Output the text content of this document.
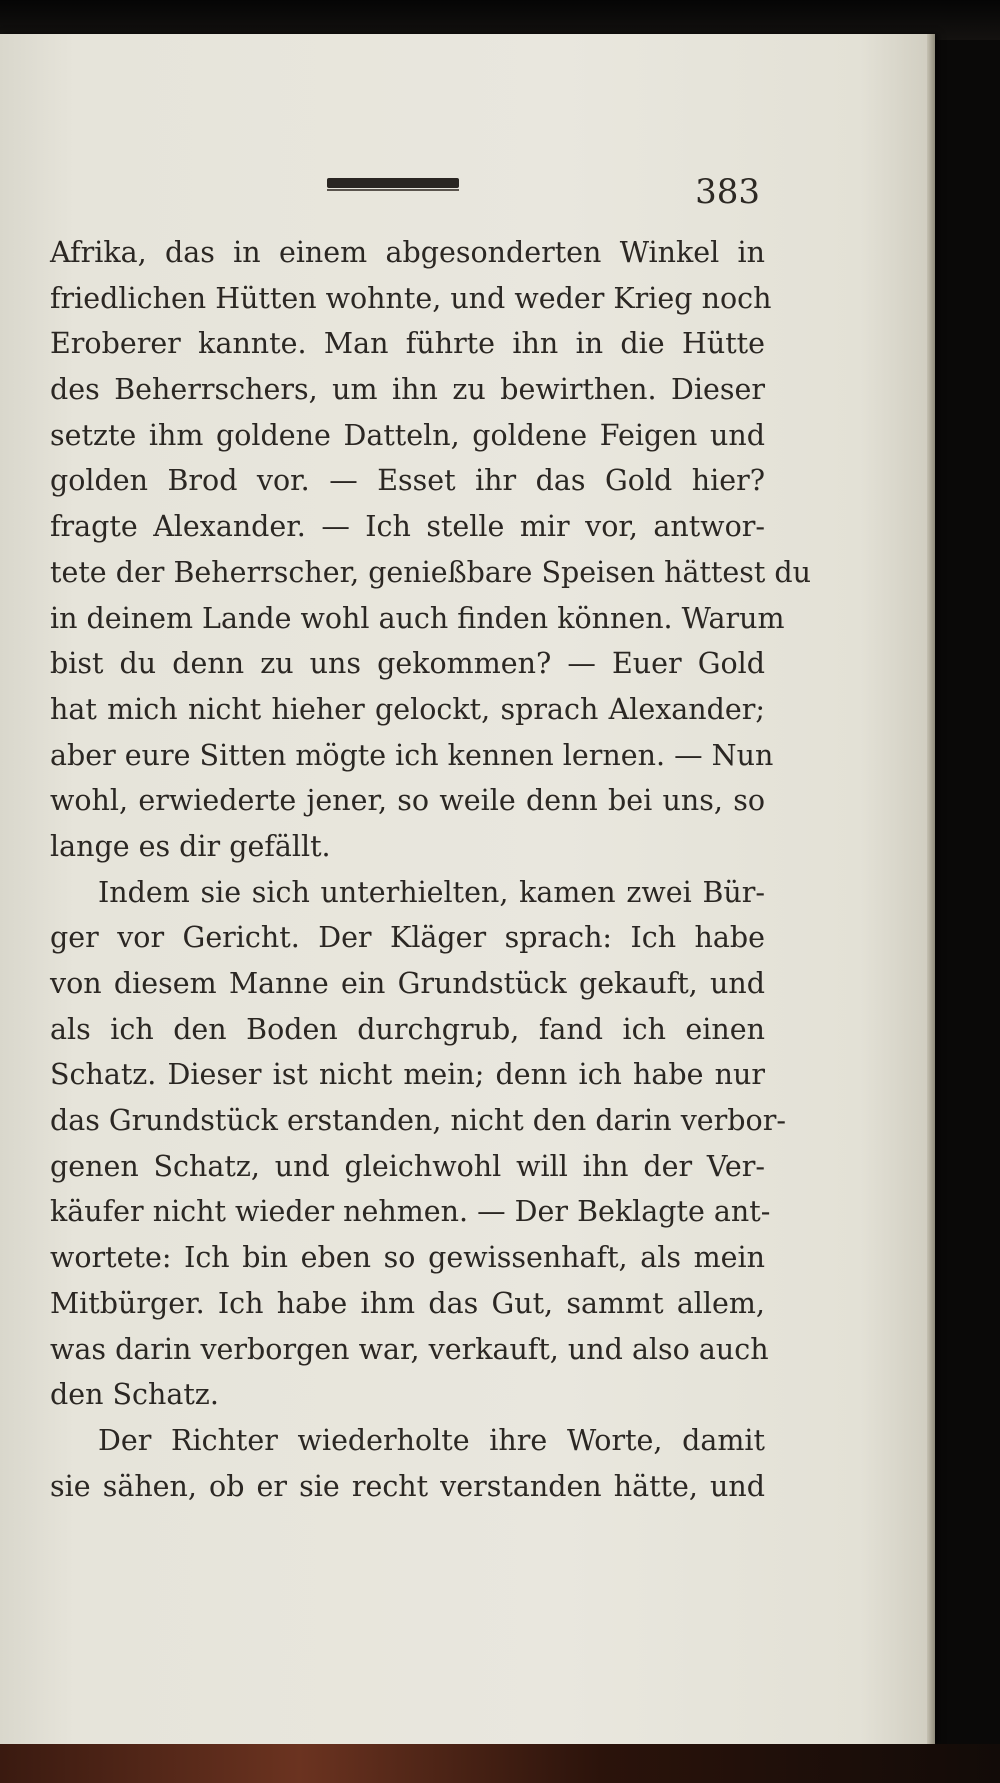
383
Afrika, das in einem abgesonderten Winkel in
friedlichen Hütten wohnte, und weder Krieg noch
Eroberer kannte. Man führte ihn in die Hütte
des Beherrschers, um ihn zu bewirthen. Dieser
setzte ihm goldene Datteln, goldene Feigen und
golden Brod vor. — Esset ihr das Gold hier?
fragte Alexander. — Ich stelle mir vor, antwor-
tete der Beherrscher, genießbare Speisen hättest du
in deinem Lande wohl auch finden können. Warum
bist du denn zu uns gekommen? — Euer Gold
hat mich nicht hieher gelockt, sprach Alexander;
aber eure Sitten mögte ich kennen lernen. — Nun
wohl, erwiederte jener, so weile denn bei uns, so
lange es dir gefällt.
Indem sie sich unterhielten, kamen zwei Bür-
ger vor Gericht. Der Kläger sprach: Ich habe
von diesem Manne ein Grundstück gekauft, und
als ich den Boden durchgrub, fand ich einen
Schatz. Dieser ist nicht mein; denn ich habe nur
das Grundstück erstanden, nicht den darin verbor-
genen Schatz, und gleichwohl will ihn der Ver-
käufer nicht wieder nehmen. — Der Beklagte ant-
wortete: Ich bin eben so gewissenhaft, als mein
Mitbürger. Ich habe ihm das Gut, sammt allem,
was darin verborgen war, verkauft, und also auch
den Schatz.
Der Richter wiederholte ihre Worte, damit
sie sähen, ob er sie recht verstanden hätte, und
